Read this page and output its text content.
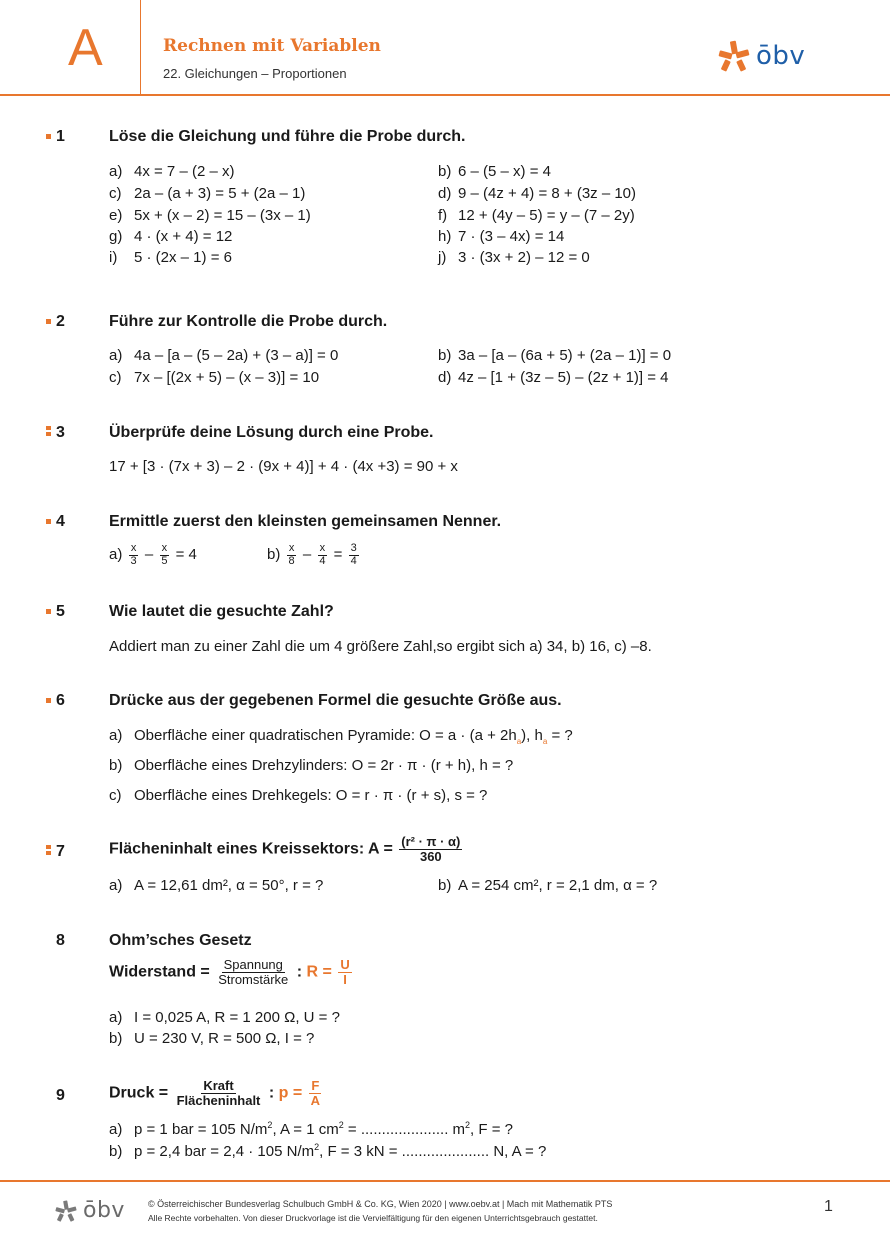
A	Rechnen mit Variablen
22. Gleichungen – Proportionen
ōbv
1	Löse die Gleichung und führe die Probe durch.
a) 4x = 7 – (2 – x)	b) 6 – (5 – x) = 4
c) 2a – (a + 3) = 5 + (2a – 1)	d) 9 – (4z + 4) = 8 + (3z – 10)
e) 5x + (x – 2) = 15 – (3x – 1)	f) 12 + (4y – 5) = y – (7 – 2y)
g) 4 · (x + 4) = 12	h) 7 · (3 – 4x) = 14
i) 5 · (2x – 1) = 6	j) 3 · (3x + 2) – 12 = 0
2	Führe zur Kontrolle die Probe durch.
a) 4a – [a – (5 – 2a) + (3 – a)] = 0	b) 3a – [a – (6a + 5) + (2a – 1)] = 0
c) 7x – [(2x + 5) – (x – 3)] = 10	d) 4z – [1 + (3z – 5) – (2z + 1)] = 4
3	Überprüfe deine Lösung durch eine Probe.
17 + [3 · (7x + 3) – 2 · (9x + 4)] + 4 · (4x +3) = 90 + x
4	Ermittle zuerst den kleinsten gemeinsamen Nenner.
$a) \frac{x}{3} - \frac{x}{5} = 4$	$b) \frac{x}{8} - \frac{x}{4} = \frac{3}{4}$
5	Wie lautet die gesuchte Zahl?
Addiert man zu einer Zahl die um 4 größere Zahl,so ergibt sich a) 34, b) 16, c) –8.
6	Drücke aus der gegebenen Formel die gesuchte Größe aus.
a) Oberfläche einer quadratischen Pyramide: $O = a \cdot (a + 2h_a)$, $h_a$ = ?
b) Oberfläche eines Drehzylinders: O = 2r · π · (r + h), h = ?
c) Oberfläche eines Drehkegels: O = r · π · (r + s), s = ?
7	Flächeninhalt eines Kreissektors: $A = \frac{\text{(r² · π · α)}}{360}$
a) A = 12,61 dm², α = 50°, r = ?	b) A = 254 cm², r = 2,1 dm, α = ?
8	Ohm’sches Gesetz
Widerstand = $\frac{\text{Spannung}}{\text{Stromstärke}}$ : $R = \frac{U}{I}$
a) I = 0,025 A, R = 1 200 Ω, U = ?
b) U = 230 V, R = 500 Ω, I = ?
9	Druck = $\frac{\text{Kraft}}{\text{Flächeninhalt}}$ : $p = \frac{F}{A}$
a) p = 1 bar = 105 $N/m^2$, A = 1 $cm^2$ = ..................... $m^2$, F = ?
b) p = 2,4 bar = 2,4 · 105 $N/m^2$, F = 3 kN = ..................... N, A = ?
ōbv	© Österreichischer Bundesverlag Schulbuch GmbH & Co. KG, Wien 2020 | www.oebv.at | Mach mit Mathematik PTS
Alle Rechte vorbehalten. Von dieser Druckvorlage ist die Vervielfältigung für den eigenen Unterrichtsgebrauch gestattet.
1
